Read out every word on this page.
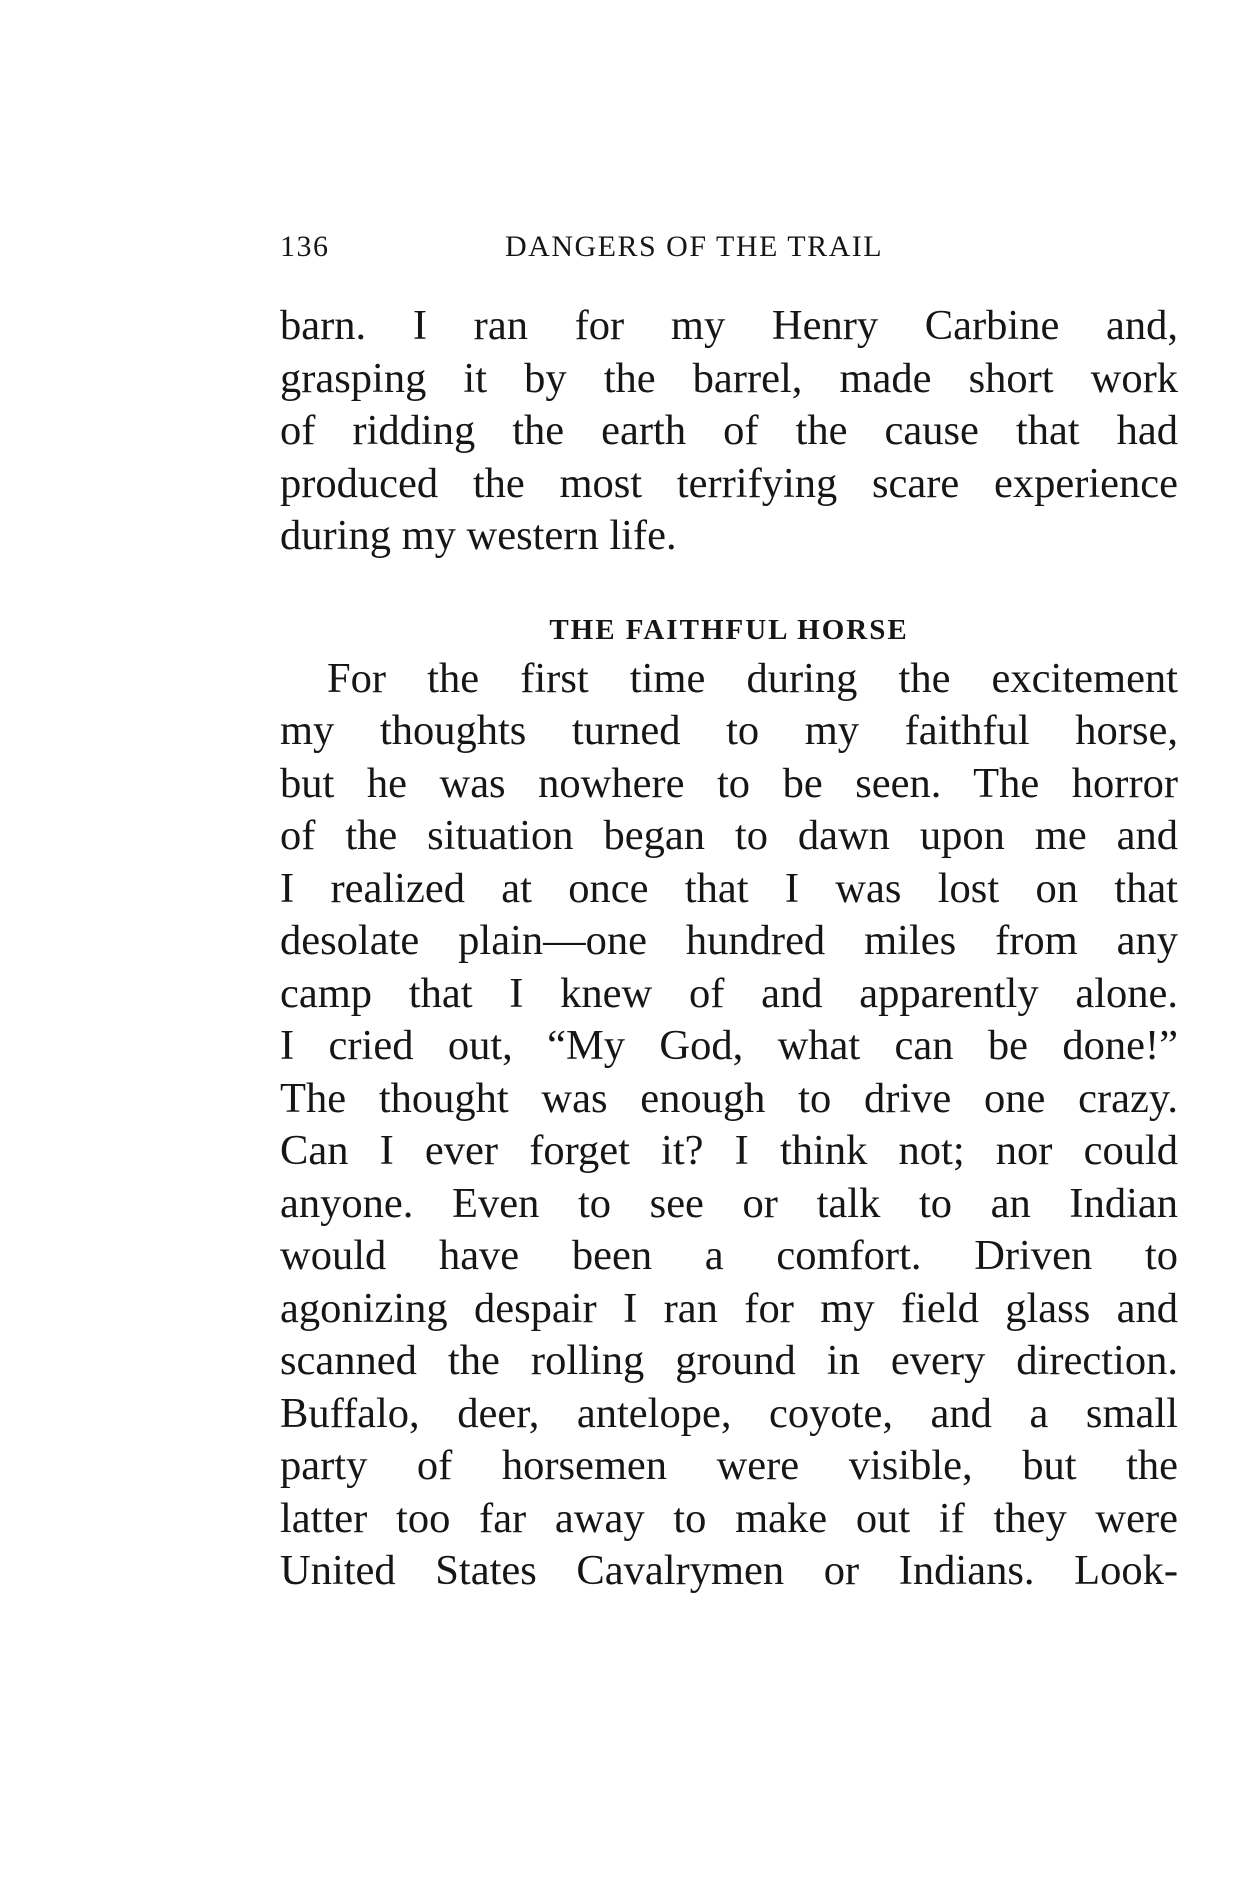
136	DANGERS OF THE TRAIL
barn. I ran for my Henry Carbine and,
grasping it by the barrel, made short work
of ridding the earth of the cause that had
produced the most terrifying scare experience
during my western life.
THE FAITHFUL HORSE
For the first time during the excitement
my thoughts turned to my faithful horse,
but he was nowhere to be seen. The horror
of the situation began to dawn upon me and
I realized at once that I was lost on that
desolate plain—one hundred miles from any
camp that I knew of and apparently alone.
I cried out, “My God, what can be done!”
The thought was enough to drive one crazy.
Can I ever forget it? I think not; nor could
anyone. Even to see or talk to an Indian
would have been a comfort. Driven to
agonizing despair I ran for my field glass and
scanned the rolling ground in every direction.
Buffalo, deer, antelope, coyote, and a small
party of horsemen were visible, but the
latter too far away to make out if they were
United States Cavalrymen or Indians. Look-
